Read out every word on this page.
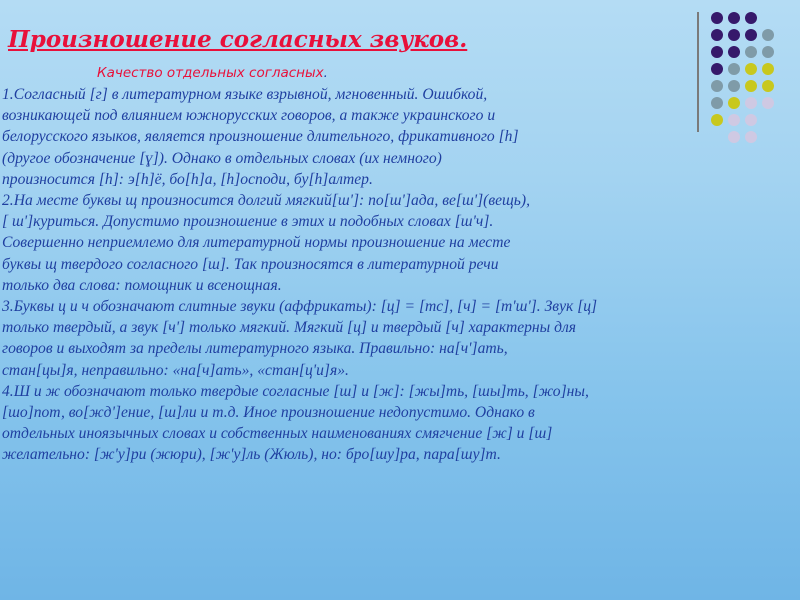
Произношение согласных звуков.
Качество отдельных согласных.
1.Согласный [г] в литературном языке взрывной, мгновенный. Ошибкой,
возникающей под влиянием южнорусских говоров, а также украинского и
белорусского языков, является произношение длительного, фрикативного [h]
(другое обозначение [ɣ]). Однако в отдельных словах (их немного)
произносится [h]: э[h]ё, бо[h]а, [h]осподи, бу[h]алтер.
2.На месте буквы щ произносится долгий мягкий[ш']: по[ш']ада, ве[ш'](вещь),
[ ш']куриться. Допустимо произношение в этих и подобных словах [ш'ч].
Совершенно неприемлемо для литературной нормы произношение на месте
буквы щ твердого согласного [ш]. Так произносятся в литературной речи
только два слова: помощник и всенощная.
3.Буквы ц и ч обозначают слитные звуки (аффрикаты): [ц] = [тс], [ч] = [т'ш']. Звук [ц]
только твердый, а звук [ч'] только мягкий. Мягкий [ц] и твердый [ч] характерны для
говоров и выходят за пределы литературного языка. Правильно: на[ч']ать,
стан[цы]я, неправильно: «на[ч]ать», «стан[ц'и]я».
4.Ш и ж обозначают только твердые согласные [ш] и [ж]: [жы]ть, [шы]ть, [жо]ны,
[шо]пот, во[жд']ение, [ш]ли и т.д. Иное произношение недопустимо. Однако в
отдельных иноязычных словах и собственных наименованиях смягчение [ж] и [ш]
желательно: [ж'у]ри (жюри), [ж'у]ль (Жюль), но: бро[шу]ра, пара[шу]т.
